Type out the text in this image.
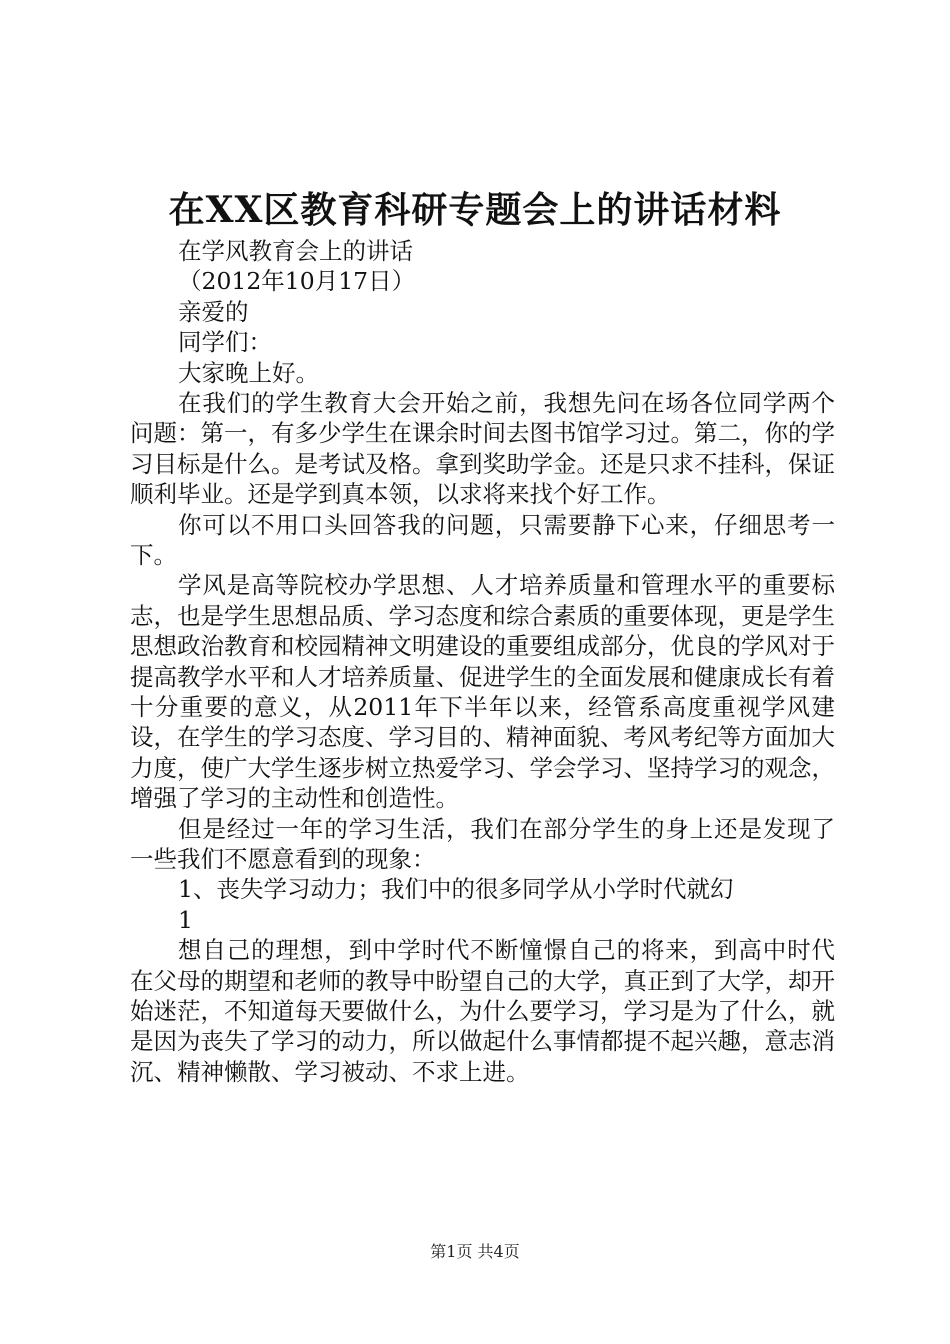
在XX区教育科研专题会上的讲话材料
在学风教育会上的讲话
（2012年10月17日）
亲爱的
同学们：
大家晚上好。

在我们的学生教育大会开始之前，我想先问在场各位同学两个问题：第一，有多少学生在课余时间去图书馆学习过。第二，你的学习目标是什么。是考试及格。拿到奖助学金。还是只求不挂科，保证顺利毕业。还是学到真本领，以求将来找个好工作。

你可以不用口头回答我的问题，只需要静下心来，仔细思考一下。

学风是高等院校办学思想、人才培养质量和管理水平的重要标志，也是学生思想品质、学习态度和综合素质的重要体现，更是学生思想政治教育和校园精神文明建设的重要组成部分，优良的学风对于提高教学水平和人才培养质量、促进学生的全面发展和健康成长有着十分重要的意义，从2011年下半年以来，经管系高度重视学风建设，在学生的学习态度、学习目的、精神面貌、考风考纪等方面加大力度，使广大学生逐步树立热爱学习、学会学习、坚持学习的观念，增强了学习的主动性和创造性。

但是经过一年的学习生活，我们在部分学生的身上还是发现了一些我们不愿意看到的现象：

1、丧失学习动力；我们中的很多同学从小学时代就幻
1

想自己的理想，到中学时代不断憧憬自己的将来，到高中时代在父母的期望和老师的教导中盼望自己的大学，真正到了大学，却开始迷茫，不知道每天要做什么，为什么要学习，学习是为了什么，就是因为丧失了学习的动力，所以做起什么事情都提不起兴趣，意志消沉、精神懒散、学习被动、不求上进。

第1页 共4页
